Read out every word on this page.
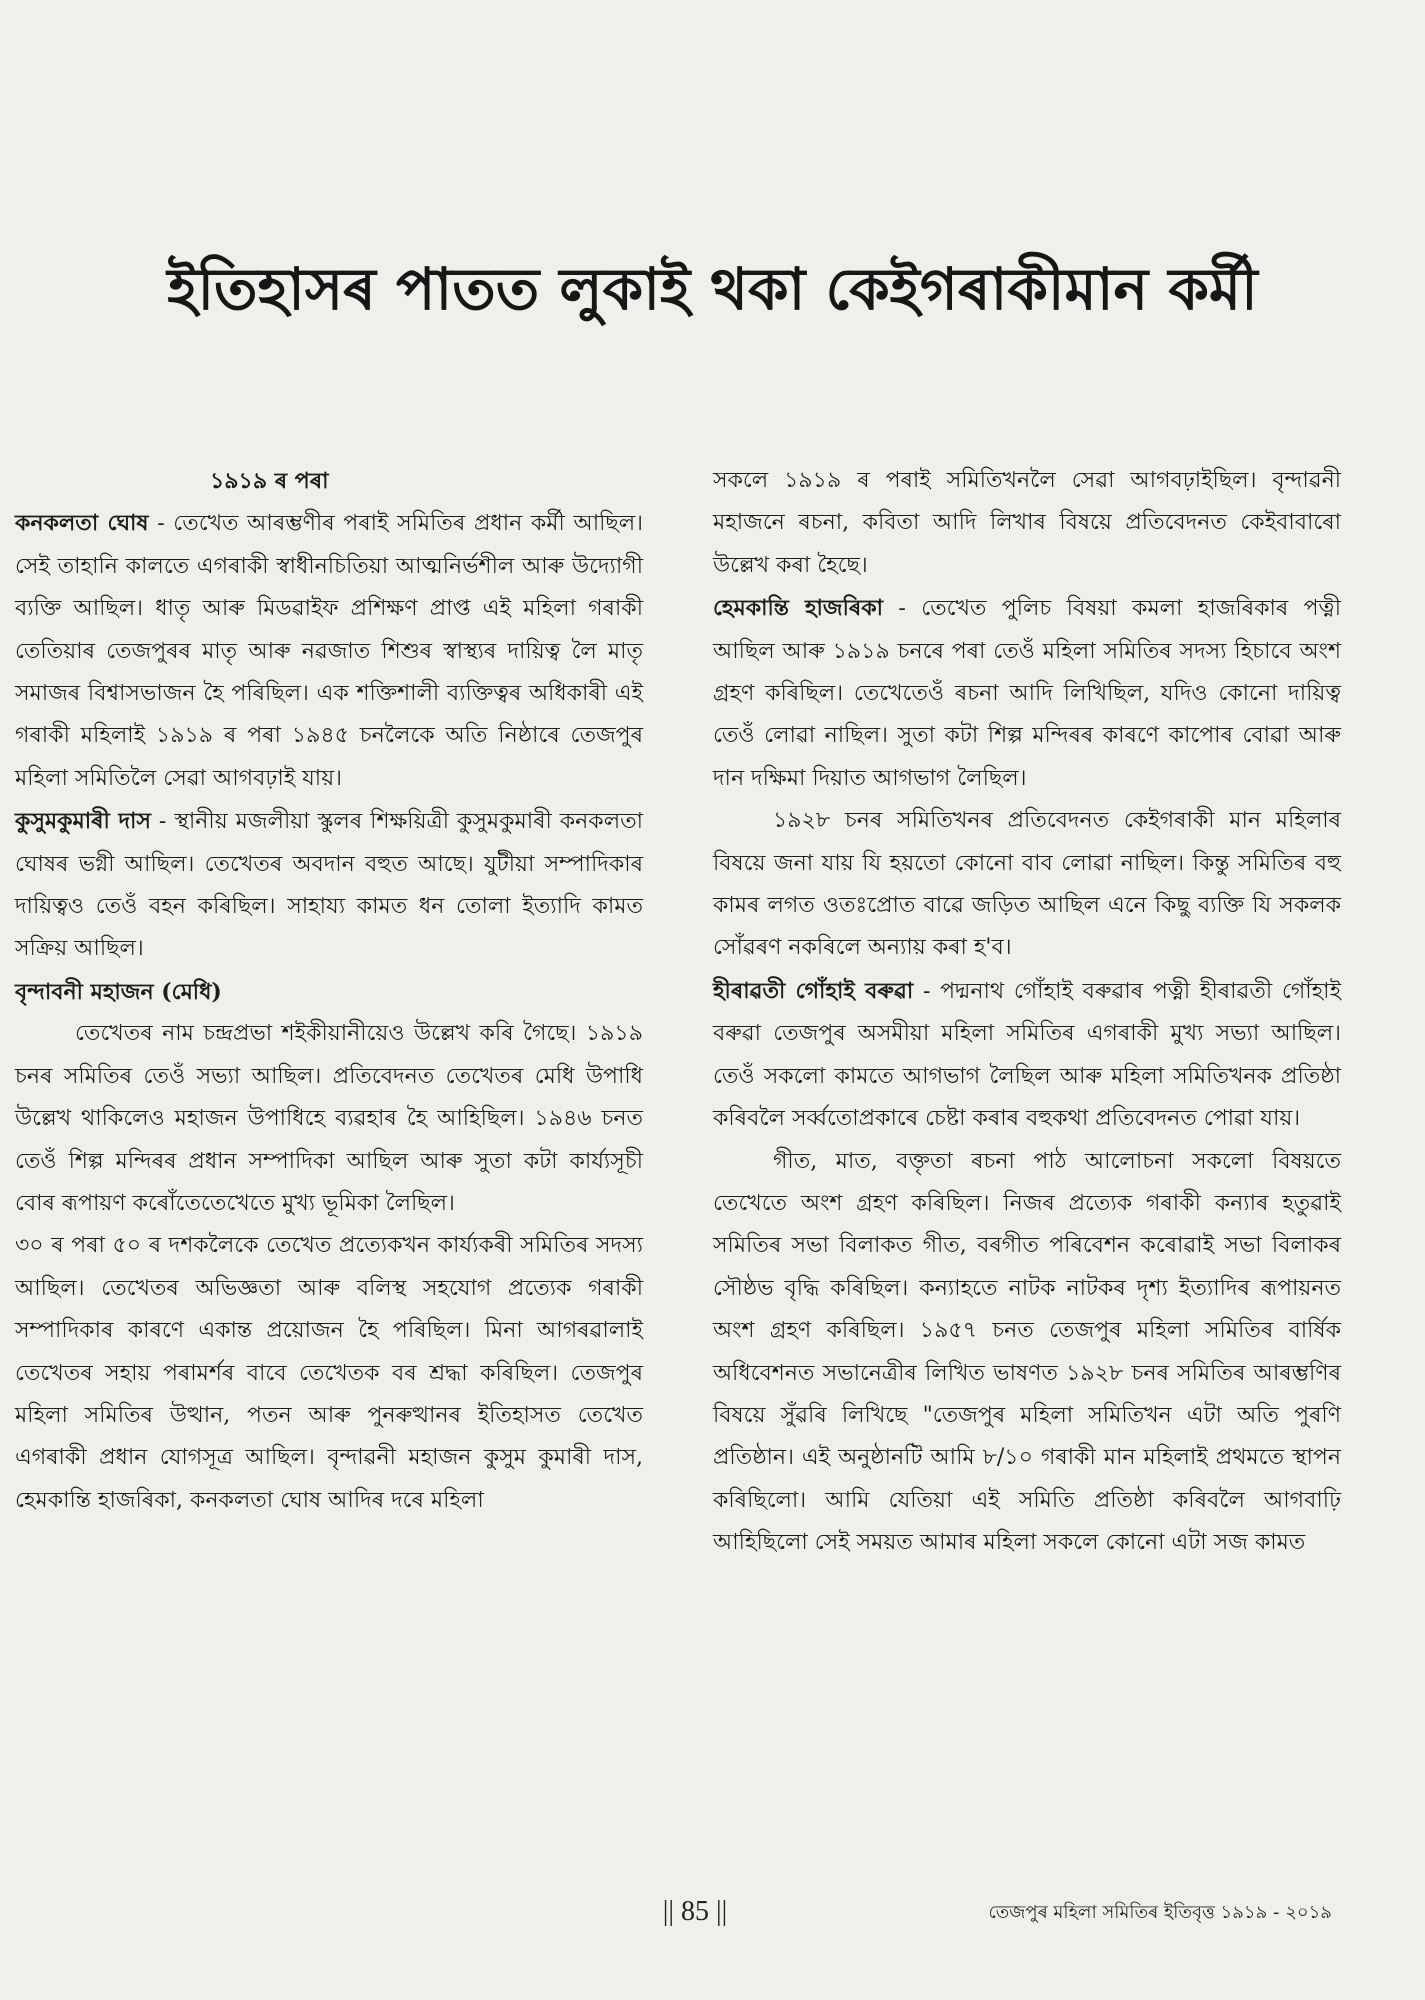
ইতিহাসৰ পাতত লুকাই থকা কেইগৰাকীমান কৰ্মী

১৯১৯ ৰ পৰা

কনকলতা ঘোষ - তেখেত আৰম্ভণীৰ পৰাই সমিতিৰ প্ৰধান কৰ্মী আছিল। সেই তাহানি কালতে এগৰাকী স্বাধীনচিতিয়া আত্মনিৰ্ভশীল আৰু উদ্যোগী ব্যক্তি আছিল। ধাতৃ আৰু মিডৱাইফ প্ৰশিক্ষণ প্ৰাপ্ত এই মহিলা গৰাকী তেতিয়াৰ তেজপুৰৰ মাতৃ আৰু নৱজাত শিশুৰ স্বাস্থ্যৰ দায়িত্ব লৈ মাতৃ সমাজৰ বিশ্বাসভাজন হৈ পৰিছিল। এক শক্তিশালী ব্যক্তিত্বৰ অধিকাৰী এই গৰাকী মহিলাই ১৯১৯ ৰ পৰা ১৯৪৫ চনলৈকে অতি নিষ্ঠাৰে তেজপুৰ মহিলা সমিতিলৈ সেৱা আগবঢ়াই যায়।

কুসুমকুমাৰী দাস - স্থানীয় মজলীয়া স্কুলৰ শিক্ষয়িত্ৰী কুসুমকুমাৰী কনকলতা ঘোষৰ ভগ্নী আছিল। তেখেতৰ অবদান বহুত আছে। যুটীয়া সম্পাদিকাৰ দায়িত্বও তেওঁ বহন কৰিছিল। সাহায্য কামত ধন তোলা ইত্যাদি কামত সক্ৰিয় আছিল।

বৃন্দাবনী মহাজন (মেধি)

তেখেতৰ নাম চন্দ্ৰপ্ৰভা শইকীয়ানীয়েও উল্লেখ কৰি গৈছে। ১৯১৯ চনৰ সমিতিৰ তেওঁ সভ্যা আছিল। প্ৰতিবেদনত তেখেতৰ মেধি উপাধি উল্লেখ থাকিলেও মহাজন উপাধিহে ব্যৱহাৰ হৈ আহিছিল। ১৯৪৬ চনত তেওঁ শিল্প মন্দিৰৰ প্ৰধান সম্পাদিকা আছিল আৰু সুতা কটা কাৰ্য্যসূচী বোৰ ৰূপায়ণ কৰোঁতেতেখেতে মুখ্য ভূমিকা লৈছিল।

৩০ ৰ পৰা ৫০ ৰ দশকলৈকে তেখেত প্ৰত্যেকখন কাৰ্য্যকৰী সমিতিৰ সদস্য আছিল। তেখেতৰ অভিজ্ঞতা আৰু বলিস্থ সহযোগ প্ৰত্যেক গৰাকী সম্পাদিকাৰ কাৰণে একান্ত প্ৰয়োজন হৈ পৰিছিল। মিনা আগৰৱালাই তেখেতৰ সহায় পৰামৰ্শৰ বাবে তেখেতক বৰ শ্ৰদ্ধা কৰিছিল। তেজপুৰ মহিলা সমিতিৰ উত্থান, পতন আৰু পুনৰুত্থানৰ ইতিহাসত তেখেত এগৰাকী প্ৰধান যোগসূত্ৰ আছিল। বৃন্দাৱনী মহাজন কুসুম কুমাৰী দাস, হেমকান্তি হাজৰিকা, কনকলতা ঘোষ আদিৰ দৰে মহিলা

সকলে ১৯১৯ ৰ পৰাই সমিতিখনলৈ সেৱা আগবঢ়াইছিল। বৃন্দাৱনী মহাজনে ৰচনা, কবিতা আদি লিখাৰ বিষয়ে প্ৰতিবেদনত কেইবাবাৰো উল্লেখ কৰা হৈছে।

হেমকান্তি হাজৰিকা - তেখেত পুলিচ বিষয়া কমলা হাজৰিকাৰ পত্নী আছিল আৰু ১৯১৯ চনৰে পৰা তেওঁ মহিলা সমিতিৰ সদস্য হিচাবে অংশ গ্ৰহণ কৰিছিল। তেখেতেওঁ ৰচনা আদি লিখিছিল, যদিও কোনো দায়িত্ব তেওঁ লোৱা নাছিল। সুতা কটা শিল্প মন্দিৰৰ কাৰণে কাপোৰ বোৱা আৰু দান দক্ষিমা দিয়াত আগভাগ লৈছিল।

১৯২৮ চনৰ সমিতিখনৰ প্ৰতিবেদনত কেইগৰাকী মান মহিলাৰ বিষয়ে জনা যায় যি হয়তো কোনো বাব লোৱা নাছিল। কিন্তু সমিতিৰ বহু কামৰ লগত ওতঃপ্ৰোত বাৱে জড়িত আছিল এনে কিছু ব্যক্তি যি সকলক সোঁৱৰণ নকৰিলে অন্যায় কৰা হ'ব।

হীৰাৱতী গোঁহাই বৰুৱা - পদ্মনাথ গোঁহাই বৰুৱাৰ পত্নী হীৰাৱতী গোঁহাই বৰুৱা তেজপুৰ অসমীয়া মহিলা সমিতিৰ এগৰাকী মুখ্য সভ্যা আছিল। তেওঁ সকলো কামতে আগভাগ লৈছিল আৰু মহিলা সমিতিখনক প্ৰতিষ্ঠা কৰিবলৈ সৰ্ব্বতোপ্ৰকাৰে চেষ্টা কৰাৰ বহুকথা প্ৰতিবেদনত পোৱা যায়।

গীত, মাত, বক্তৃতা ৰচনা পাঠ আলোচনা সকলো বিষয়তে তেখেতে অংশ গ্ৰহণ কৰিছিল। নিজৰ প্ৰত্যেক গৰাকী কন্যাৰ হতুৱাই সমিতিৰ সভা বিলাকত গীত, বৰগীত পৰিবেশন কৰোৱাই সভা বিলাকৰ সৌষ্ঠভ বৃদ্ধি কৰিছিল। কন্যাহতে নাটক নাটকৰ দৃশ্য ইত্যাদিৰ ৰূপায়নত অংশ গ্ৰহণ কৰিছিল। ১৯৫৭ চনত তেজপুৰ মহিলা সমিতিৰ বাৰ্ষিক অধিবেশনত সভানেত্ৰীৰ লিখিত ভাষণত ১৯২৮ চনৰ সমিতিৰ আৰম্ভণিৰ বিষয়ে সুঁৱৰি লিখিছে "তেজপুৰ মহিলা সমিতিখন এটা অতি পুৰণি প্ৰতিষ্ঠান। এই অনুষ্ঠানটি আমি ৮/১০ গৰাকী মান মহিলাই প্ৰথমতে স্থাপন কৰিছিলো। আমি যেতিয়া এই সমিতি প্ৰতিষ্ঠা কৰিবলৈ আগবাঢ়ি আহিছিলো সেই সময়ত আমাৰ মহিলা সকলে কোনো এটা সজ কামত

|| 85 ||	তেজপুৰ মহিলা সমিতিৰ ইতিবৃত্ত ১৯১৯ - ২০১৯
